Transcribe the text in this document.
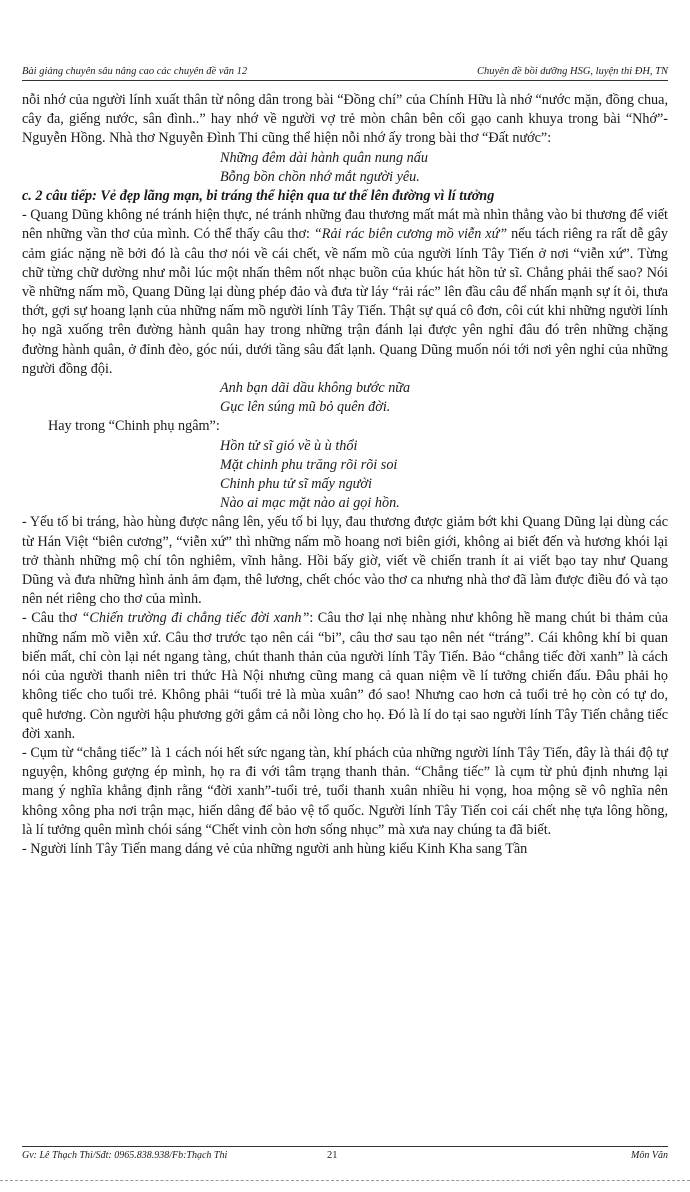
Bài giảng chuyên sâu nâng cao các chuyên đề văn 12	Chuyên đề bồi dưỡng HSG, luyện thi ĐH, TN

nỗi nhớ của người lính xuất thân từ nông dân trong bài “Đồng chí” của Chính Hữu là nhớ “nước mặn, đồng chua, cây đa, giếng nước, sân đình..” hay nhớ về người vợ trẻ mòn chân bên cối gạo canh khuya trong bài “Nhớ”-Nguyễn Hồng. Nhà thơ Nguyễn Đình Thi cũng thể hiện nỗi nhớ ấy trong bài thơ “Đất nước”:

Những đêm dài hành quân nung nấu
Bỗng bồn chồn nhớ mắt người yêu.

c. 2 câu tiếp: Vẻ đẹp lãng mạn, bi tráng thể hiện qua tư thế lên đường vì lí tưởng

- Quang Dũng không né tránh hiện thực, né tránh những đau thương mất mát mà nhìn thẳng vào bi thương để viết nên những vần thơ của mình. Có thể thấy câu thơ: “Rải rác biên cương mồ viễn xứ” nếu tách riêng ra rất dễ gây cảm giác nặng nề bởi đó là câu thơ nói về cái chết, về nấm mồ của người lính Tây Tiến ở nơi “viễn xứ”. Từng chữ từng chữ dường như mỗi lúc một nhấn thêm nốt nhạc buồn của khúc hát hồn tử sĩ. Chẳng phải thế sao? Nói về những nấm mồ, Quang Dũng lại dùng phép đảo và đưa từ láy “rải rác” lên đầu câu để nhấn mạnh sự ít ỏi, thưa thớt, gợi sự hoang lạnh của những nấm mồ người lính Tây Tiến. Thật sự quá cô đơn, côi cút khi những người lính họ ngã xuống trên đường hành quân hay trong những trận đánh lại được yên nghỉ đâu đó trên những chặng đường hành quân, ở đỉnh đèo, góc núi, dưới tầng sâu đất lạnh. Quang Dũng muốn nói tới nơi yên nghỉ của những người đồng đội.

Anh bạn dãi dầu không bước nữa
Gục lên súng mũ bỏ quên đời.

Hay trong “Chinh phụ ngâm”:

Hồn tử sĩ gió về ù ù thổi
Mặt chinh phu trăng rõi rõi soi
Chinh phu tử sĩ mấy người
Nào ai mạc mặt nào ai gọi hồn.

- Yếu tố bi tráng, hào hùng được nâng lên, yếu tố bi lụy, đau thương được giảm bớt khi Quang Dũng lại dùng các từ Hán Việt “biên cương”, “viễn xứ” thì những nấm mồ hoang nơi biên giới, không ai biết đến và hương khói lại trở thành những mộ chí tôn nghiêm, vĩnh hằng. Hồi bấy giờ, viết về chiến tranh ít ai viết bạo tay như Quang Dũng và đưa những hình ảnh ảm đạm, thê lương, chết chóc vào thơ ca nhưng nhà thơ đã làm được điều đó và tạo nên nét riêng cho thơ của mình.

- Câu thơ “Chiến trường đi chẳng tiếc đời xanh”: Câu thơ lại nhẹ nhàng như không hề mang chút bi thảm của những nấm mồ viễn xứ. Câu thơ trước tạo nên cái “bi”, câu thơ sau tạo nên nét “tráng”. Cái không khí bi quan biến mất, chỉ còn lại nét ngang tàng, chút thanh thản của người lính Tây Tiến. Bảo “chẳng tiếc đời xanh” là cách nói của người thanh niên tri thức Hà Nội nhưng cũng mang cả quan niệm về lí tưởng chiến đấu. Đâu phải họ không tiếc cho tuổi trẻ. Không phải “tuổi trẻ là mùa xuân” đó sao! Nhưng cao hơn cả tuổi trẻ họ còn có tự do, quê hương. Còn người hậu phương gởi gắm cả nỗi lòng cho họ. Đó là lí do tại sao người lính Tây Tiến chẳng tiếc đời xanh.

- Cụm từ “chẳng tiếc” là 1 cách nói hết sức ngang tàn, khí phách của những người lính Tây Tiến, đây là thái độ tự nguyện, không gượng ép mình, họ ra đi với tâm trạng thanh thản. “Chẳng tiếc” là cụm từ phủ định nhưng lại mang ý nghĩa khẳng định rằng “đời xanh”-tuổi trẻ, tuổi thanh xuân nhiều hi vọng, hoa mộng sẽ vô nghĩa nên không xông pha nơi trận mạc, hiến dâng để bảo vệ tổ quốc. Người lính Tây Tiến coi cái chết nhẹ tựa lông hồng, là lí tưởng quên mình chói sáng “Chết vinh còn hơn sống nhục” mà xưa nay chúng ta đã biết.

- Người lính Tây Tiến mang dáng vẻ của những người anh hùng kiểu Kinh Kha sang Tần

Gv: Lê Thạch Thi/Sđt: 0965.838.938/Fb:Thạch Thi	21	Môn Văn
